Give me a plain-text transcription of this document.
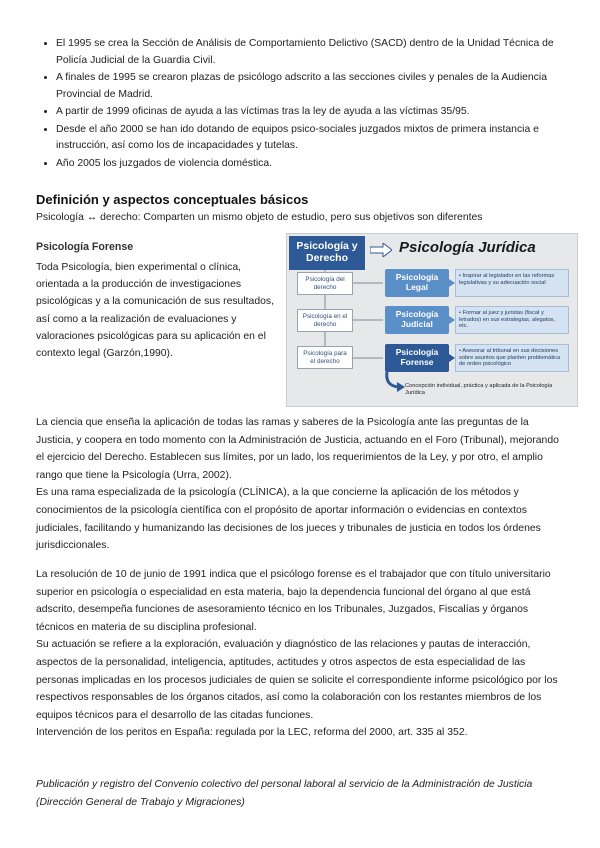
• El 1995 se crea la Sección de Análisis de Comportamiento Delictivo (SACD) dentro de la Unidad Técnica de Policía Judicial de la Guardia Civil.
• A finales de 1995 se crearon plazas de psicólogo adscrito a las secciones civiles y penales de la Audiencia Provincial de Madrid.
• A partir de 1999 oficinas de ayuda a las víctimas tras la ley de ayuda a las víctimas 35/95.
• Desde el año 2000 se han ido dotando de equipos psico-sociales juzgados mixtos de primera instancia e instrucción, así como los de incapacidades y tutelas.
• Año 2005 los juzgados de violencia doméstica.
Definición y aspectos conceptuales básicos
Psicología ↔ derecho: Comparten un mismo objeto de estudio, pero sus objetivos son diferentes
Psicología Forense
Toda Psicología, bien experimental o clínica, orientada a la producción de investigaciones psicológicas y a la comunicación de sus resultados, así como a la realización de evaluaciones y valoraciones psicológicas para su aplicación en el contexto legal (Garzón,1990).
Psicología y Derecho
Psicología Jurídica
Psicología del derecho
Psicología Legal
• Inspirar al legislador en las reformas legislativas y su adecuación social
Psicología en el derecho
Psicología Judicial
• Formar al juez y juristas (fiscal y letrados) en sus estrategias, alegatos, etc.
Psicología para el derecho
Psicología Forense
• Asesorar al tribunal en sus decisiones sobre asuntos que planten problemática de orden psicológico
Concepción individual, práctica y aplicada de la Psicología Jurídica

La ciencia que enseña la aplicación de todas las ramas y saberes de la Psicología ante las preguntas de la Justicia, y coopera en todo momento con la Administración de Justicia, actuando en el Foro (Tribunal), mejorando el ejercicio del Derecho. Establecen sus límites, por un lado, los requerimientos de la Ley, y por otro, el amplio rango que tiene la Psicología (Urra, 2002).
Es una rama especializada de la psicología (CLÍNICA), a la que concierne la aplicación de los métodos y conocimientos de la psicología científica con el propósito de aportar información o evidencias en contextos judiciales, facilitando y humanizando las decisiones de los jueces y tribunales de justicia en todos los órdenes jurisdiccionales.

La resolución de 10 de junio de 1991 indica que el psicólogo forense es el trabajador que con título universitario superior en psicología o especialidad en esta materia, bajo la dependencia funcional del órgano al que está adscrito, desempeña funciones de asesoramiento técnico en los Tribunales, Juzgados, Fiscalías y órganos técnicos en materia de su disciplina profesional.
Su actuación se refiere a la exploración, evaluación y diagnóstico de las relaciones y pautas de interacción, aspectos de la personalidad, inteligencia, aptitudes, actitudes y otros aspectos de esta especialidad de las personas implicadas en los procesos judiciales de quien se solicite el correspondiente informe psicológico por los respectivos responsables de los órganos citados, así como la colaboración con los restantes miembros de los equipos técnicos para el desarrollo de las citadas funciones.
Intervención de los peritos en España: regulada por la LEC, reforma del 2000, art. 335 al 352.

Publicación y registro del Convenio colectivo del personal laboral al servicio de la Administración de Justicia (Dirección General de Trabajo y Migraciones)
